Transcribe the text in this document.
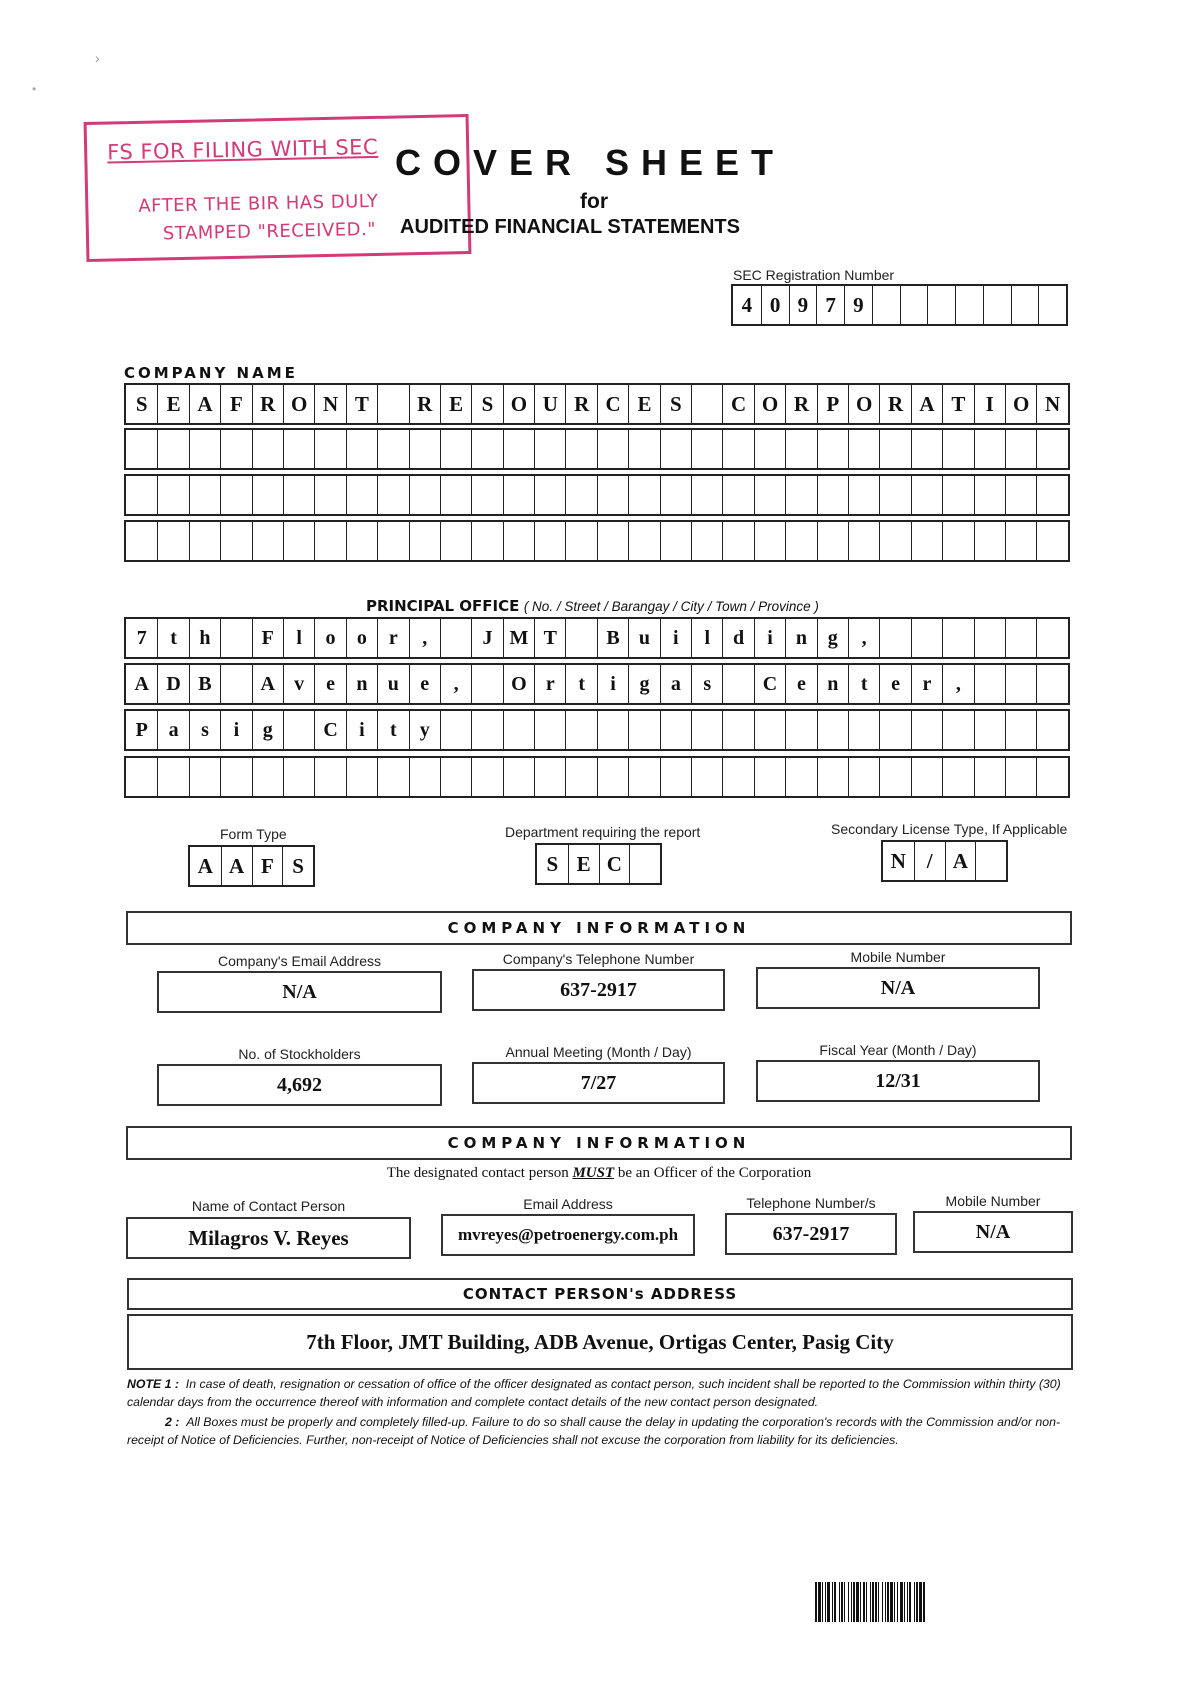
›
•
FS FOR FILING WITH SEC
AFTER THE BIR HAS DULY
STAMPED "RECEIVED."
COVER SHEET
for
AUDITED FINANCIAL STATEMENTS
SEC Registration Number
4 0 9 7 9
COMPANY NAME
S E A F R O N T	R E S O U R C E S	C O R P O R A T I O N
PRINCIPAL OFFICE ( No. / Street / Barangay / City / Town / Province )
7	t	h	F	l	o	o	r	,	J M T	B u	i	l	d	i	n	g	,
A D B	A v	e	n	u	e	,	O r	t	i	g	a	s	C e	n	t	e	r	,
P	a	s	i	g	C	i	t	y
Form Type
A A F S
Department requiring the report
S E C
Secondary License Type, If Applicable
N / A
COMPANY INFORMATION
Company's Email Address
N/A
Company's Telephone Number
637-2917
Mobile Number
N/A
No. of Stockholders
4,692
Annual Meeting (Month / Day)
7/27
Fiscal Year (Month / Day)
12/31
COMPANY INFORMATION
The designated contact person MUST be an Officer of the Corporation
Name of Contact Person
Milagros V. Reyes
Email Address
mvreyes@petroenergy.com.ph
Telephone Number/s
637-2917
Mobile Number
N/A
CONTACT PERSON's ADDRESS
7th Floor, JMT Building, ADB Avenue, Ortigas Center, Pasig City
NOTE 1 : In case of death, resignation or cessation of office of the officer designated as contact person, such incident shall be reported to the Commission within thirty (30) calendar days from the occurrence thereof with information and complete contact details of the new contact person designated.
2 : All Boxes must be properly and completely filled-up. Failure to do so shall cause the delay in updating the corporation's records with the Commission and/or non-receipt of Notice of Deficiencies. Further, non-receipt of Notice of Deficiencies shall not excuse the corporation from liability for its deficiencies.
